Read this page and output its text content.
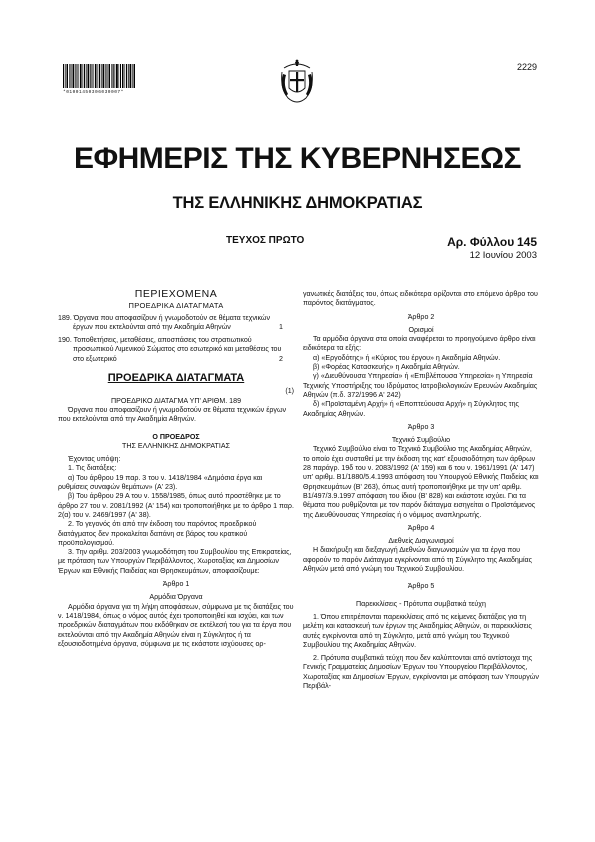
*01001450306030007*
2229
ΕΦΗΜΕΡΙΣ ΤΗΣ ΚΥΒΕΡΝΗΣΕΩΣ
ΤΗΣ ΕΛΛΗΝΙΚΗΣ ΔΗΜΟΚΡΑΤΙΑΣ
ΤΕΥΧΟΣ ΠΡΩΤΟ	Αρ. Φύλλου 145
12 Ιουνίου 2003
ΠΕΡΙΕΧΟΜΕΝΑ
ΠΡΟΕΔΡΙΚΑ ΔΙΑΤΑΓΜΑΤΑ
189. Όργανα που αποφασίζουν ή γνωμοδοτούν σε θέματα τεχνικών έργων που εκτελούνται από την Ακαδημία Αθηνών	1
190. Τοποθετήσεις, μεταθέσεις, αποσπάσεις του στρατιωτικού προσωπικού Λιμενικού Σώματος στο εσωτερικό και μεταθέσεις του στο εξωτερικό	2
ΠΡΟΕΔΡΙΚΑ ΔΙΑΤΑΓΜΑΤΑ
(1)
ΠΡΟΕΔΡΙΚΟ ΔΙΑΤΑΓΜΑ ΥΠ' ΑΡΙΘΜ. 189
Όργανα που αποφασίζουν ή γνωμοδοτούν σε θέματα τεχνικών έργων που εκτελούνται από την Ακαδημία Αθηνών.
Ο ΠΡΟΕΔΡΟΣ
ΤΗΣ ΕΛΛΗΝΙΚΗΣ ΔΗΜΟΚΡΑΤΙΑΣ
Έχοντας υπόψη:
1. Τις διατάξεις:
α) Του άρθρου 19 παρ. 3 του ν. 1418/1984 «Δημόσια έργα και ρυθμίσεις συναφών θεμάτων» (Α' 23).
β) Του άρθρου 29 Α του ν. 1558/1985, όπως αυτό προστέθηκε με το άρθρο 27 του ν. 2081/1992 (Α' 154) και τροποποιήθηκε με το άρθρο 1 παρ. 2(α) του ν. 2469/1997 (Α' 38).
2. Το γεγονός ότι από την έκδοση του παρόντος προεδρικού διατάγματος δεν προκαλείται δαπάνη σε βάρος του κρατικού προϋπολογισμού.
3. Την αριθμ. 203/2003 γνωμοδότηση του Συμβουλίου της Επικρατείας, με πρόταση των Υπουργών Περιβάλλοντος, Χωροταξίας και Δημοσίων Έργων και Εθνικής Παιδείας και Θρησκευμάτων, αποφασίζουμε:
Άρθρο 1
Αρμόδια Όργανα
Αρμόδια όργανα για τη λήψη αποφάσεων, σύμφωνα με τις διατάξεις του ν. 1418/1984, όπως ο νόμος αυτός έχει τροποποιηθεί και ισχύει, και των προεδρικών διαταγμάτων που εκδόθηκαν σε εκτέλεσή του για τα έργα που εκτελούνται από την Ακαδημία Αθηνών είναι η Σύγκλητος ή τα εξουσιοδοτημένα όργανα, σύμφωνα με τις εκάστοτε ισχύουσες ορ-
γανωτικές διατάξεις του, όπως ειδικότερα ορίζονται στο επόμενο άρθρο του παρόντος διατάγματος.
Άρθρο 2
Ορισμοί
Τα αρμόδια όργανα στα οποία αναφέρεται το προηγούμενο άρθρο είναι ειδικότερα τα εξής:
α) «Εργοδότης» ή «Κύριος του έργου» η Ακαδημία Αθηνών.
β) «Φορέας Κατασκευής» η Ακαδημία Αθηνών.
γ) «Διευθύνουσα Υπηρεσία» ή «Επιβλέπουσα Υπηρεσία» η Υπηρεσία Τεχνικής Υποστήριξης του Ιδρύματος Ιατροβιολογικών Ερευνών Ακαδημίας Αθηνών (π.δ. 372/1996 Α' 242)
δ) «Προϊσταμένη Αρχή» ή «Εποπτεύουσα Αρχή» η Σύγκλητος της Ακαδημίας Αθηνών.
Άρθρο 3
Τεχνικό Συμβούλιο
Τεχνικό Συμβούλιο είναι το Τεχνικό Συμβούλιο της Ακαδημίας Αθηνών, το οποίο έχει συσταθεί με την έκδοση της κατ' εξουσιοδότηση των άρθρων 28 παράγρ. 19δ του ν. 2083/1992 (Α' 159) και 6 του ν. 1961/1991 (Α' 147) υπ' αριθμ. Β1/1880/5.4.1993 απόφαση του Υπουργού Εθνικής Παιδείας και Θρησκευμάτων (Β' 263), όπως αυτή τροποποιήθηκε με την υπ' αριθμ. Β1/497/3.9.1997 απόφαση του ίδιου (Β' 828) και εκάστοτε ισχύει. Για τα θέματα που ρυθμίζονται με τον παρόν διάταγμα εισηγείται ο Προϊστάμενος της Διευθύνουσας Υπηρεσίας ή ο νόμιμος αναπληρωτής.
Άρθρο 4
Διεθνείς Διαγωνισμοί
Η διακήρυξη και διεξαγωγή Διεθνών διαγωνισμών για τα έργα που αφορούν το παρόν Διάταγμα εγκρίνονται από τη Σύγκλητο της Ακαδημίας Αθηνών μετά από γνώμη του Τεχνικού Συμβουλίου.
Άρθρο 5
Παρεκκλίσεις - Πρότυπα συμβατικά τεύχη
1. Όπου επιτρέπονται παρεκκλίσεις από τις κείμενες διατάξεις για τη μελέτη και κατασκευή των έργων της Ακαδημίας Αθηνών, οι παρεκκλίσεις αυτές εγκρίνονται από τη Σύγκλητο, μετά από γνώμη του Τεχνικού Συμβουλίου της Ακαδημίας Αθηνών.
2. Πρότυπα συμβατικά τεύχη που δεν καλύπτονται από αντίστοιχα της Γενικής Γραμματείας Δημοσίων Έργων του Υπουργείου Περιβάλλοντος, Χωροταξίας και Δημοσίων Έργων, εγκρίνονται με απόφαση των Υπουργών Περιβάλ-
